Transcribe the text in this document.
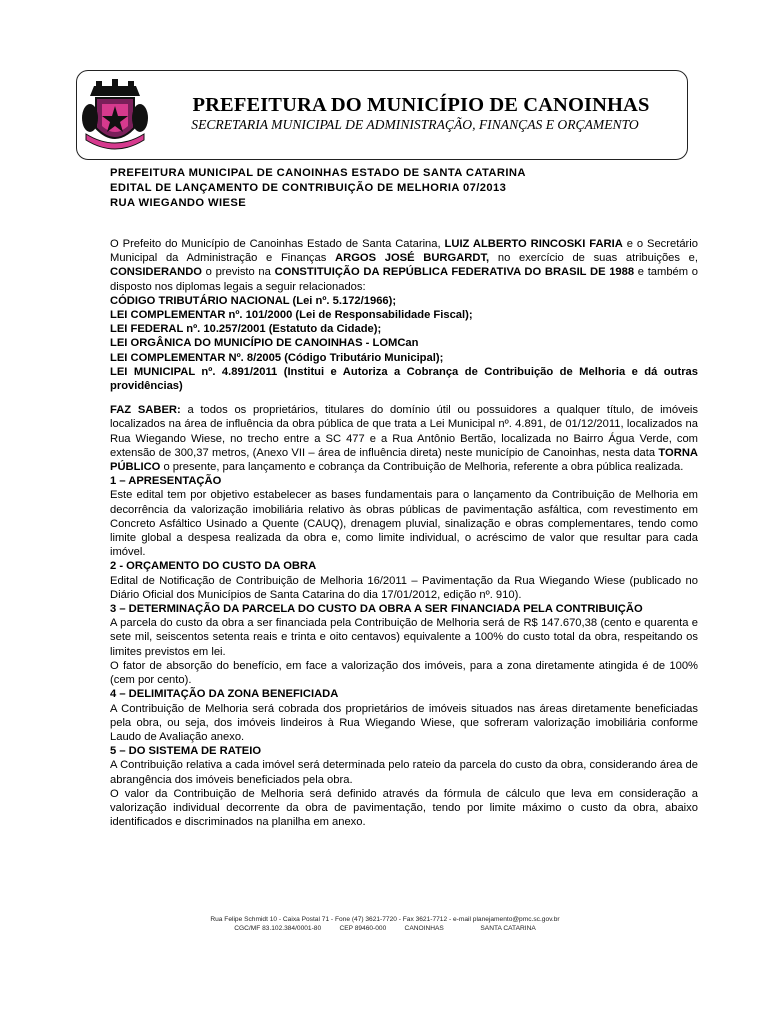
PREFEITURA DO MUNICÍPIO DE CANOINHAS
SECRETARIA MUNICIPAL DE ADMINISTRAÇÃO, FINANÇAS E ORÇAMENTO
PREFEITURA MUNICIPAL DE CANOINHAS ESTADO DE SANTA CATARINA
EDITAL DE LANÇAMENTO DE CONTRIBUIÇÃO DE MELHORIA 07/2013
RUA WIEGANDO WIESE

O Prefeito do Município de Canoinhas Estado de Santa Catarina, LUIZ ALBERTO RINCOSKI FARIA e o Secretário Municipal da Administração e Finanças ARGOS JOSÉ BURGARDT, no exercício de suas atribuições e, CONSIDERANDO o previsto na CONSTITUIÇÃO DA REPÚBLICA FEDERATIVA DO BRASIL DE 1988 e também o disposto nos diplomas legais a seguir relacionados:

CÓDIGO TRIBUTÁRIO NACIONAL (Lei nº. 5.172/1966);

LEI COMPLEMENTAR nº. 101/2000 (Lei de Responsabilidade Fiscal);

LEI FEDERAL nº. 10.257/2001 (Estatuto da Cidade);

LEI ORGÂNICA DO MUNICÍPIO DE CANOINHAS - LOMCan

LEI COMPLEMENTAR Nº. 8/2005 (Código Tributário Municipal);

LEI MUNICIPAL nº. 4.891/2011 (Institui e Autoriza a Cobrança de Contribuição de Melhoria e dá outras providências)

FAZ SABER: a todos os proprietários, titulares do domínio útil ou possuidores a qualquer título, de imóveis localizados na área de influência da obra pública de que trata a Lei Municipal nº. 4.891, de 01/12/2011, localizados na Rua Wiegando Wiese, no trecho entre a SC 477 e a Rua Antônio Bertão, localizada no Bairro Água Verde, com extensão de 300,37 metros, (Anexo VII – área de influência direta) neste município de Canoinhas, nesta data TORNA PÚBLICO o presente, para lançamento e cobrança da Contribuição de Melhoria, referente a obra pública realizada.

1 – APRESENTAÇÃO

Este edital tem por objetivo estabelecer as bases fundamentais para o lançamento da Contribuição de Melhoria em decorrência da valorização imobiliária relativo às obras públicas de pavimentação asfáltica, com revestimento em Concreto Asfáltico Usinado a Quente (CAUQ), drenagem pluvial, sinalização e obras complementares, tendo como limite global a despesa realizada da obra e, como limite individual, o acréscimo de valor que resultar para cada imóvel.

2 - ORÇAMENTO DO CUSTO DA OBRA

Edital de Notificação de Contribuição de Melhoria 16/2011 – Pavimentação da Rua Wiegando Wiese (publicado no Diário Oficial dos Municípios de Santa Catarina do dia 17/01/2012, edição nº. 910).

3 – DETERMINAÇÃO DA PARCELA DO CUSTO DA OBRA A SER FINANCIADA PELA CONTRIBUIÇÃO

A parcela do custo da obra a ser financiada pela Contribuição de Melhoria será de R$ 147.670,38 (cento e quarenta e sete mil, seiscentos setenta reais e trinta e oito centavos) equivalente a 100% do custo total da obra, respeitando os limites previstos em lei.

O fator de absorção do benefício, em face a valorização dos imóveis, para a zona diretamente atingida é de 100% (cem por cento).

4 – DELIMITAÇÃO DA ZONA BENEFICIADA

A Contribuição de Melhoria será cobrada dos proprietários de imóveis situados nas áreas diretamente beneficiadas pela obra, ou seja, dos imóveis lindeiros à Rua Wiegando Wiese, que sofreram valorização imobiliária conforme Laudo de Avaliação anexo.

5 – DO SISTEMA DE RATEIO

A Contribuição relativa a cada imóvel será determinada pelo rateio da parcela do custo da obra, considerando área de abrangência dos imóveis beneficiados pela obra.

O valor da Contribuição de Melhoria será definido através da fórmula de cálculo que leva em consideração a valorização individual decorrente da obra de pavimentação, tendo por limite máximo o custo da obra, abaixo identificados e discriminados na planilha em anexo.

Rua Felipe Schmidt 10 - Caixa Postal 71 - Fone (47) 3621-7720 - Fax 3621-7712 - e-mail planejamento@pmc.sc.gov.br
CGC/MF 83.102.384/0001-80          CEP 89460-000          CANOINHAS                    SANTA CATARINA
